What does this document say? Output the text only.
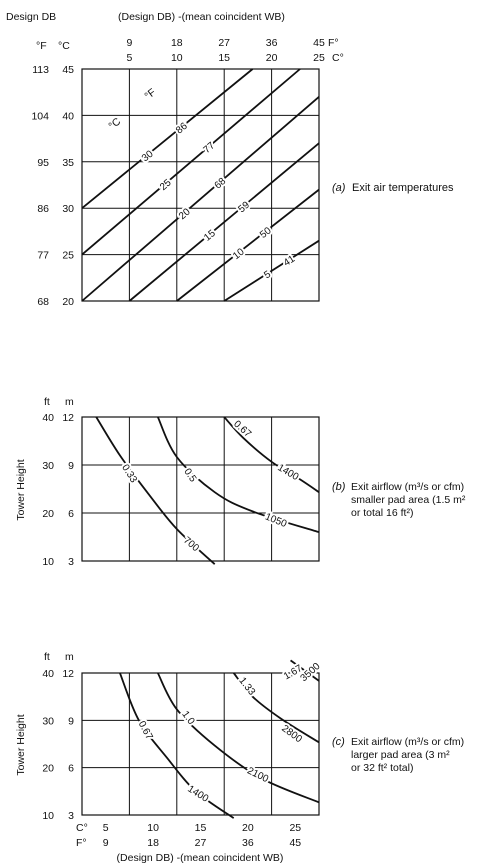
Design DB	(Design DB) -(mean coincident WB)
F°
C°
°F °C
°C
°F
(a) Exit air temperatures
9	18	27	36	45
5	10	15	20	25
113 45
104 40
95 35
86 30
77 25
68 20
30
86
25
77
20
68
15
59
10
50
5
41
ft m
Tower Height	(b) Exit airflow (m³/s or cfm)
smaller pad area (1.5 m²
or total 16 ft²)
40 12
30 9
20 6
10 3
0.33
700
0.5
1050
0.67
1400
ft m
Tower Height
C°
F°
(Design DB) -(mean coincident WB)
(c) Exit airflow (m³/s or cfm)
larger pad area (3 m²
or 32 ft² total)
40 12
30 9
20 6
10 3
5
9
10
18
15
27
20
36
25
45
0.67
1400
1.0
2100
1.33
2800
1.67
3500
